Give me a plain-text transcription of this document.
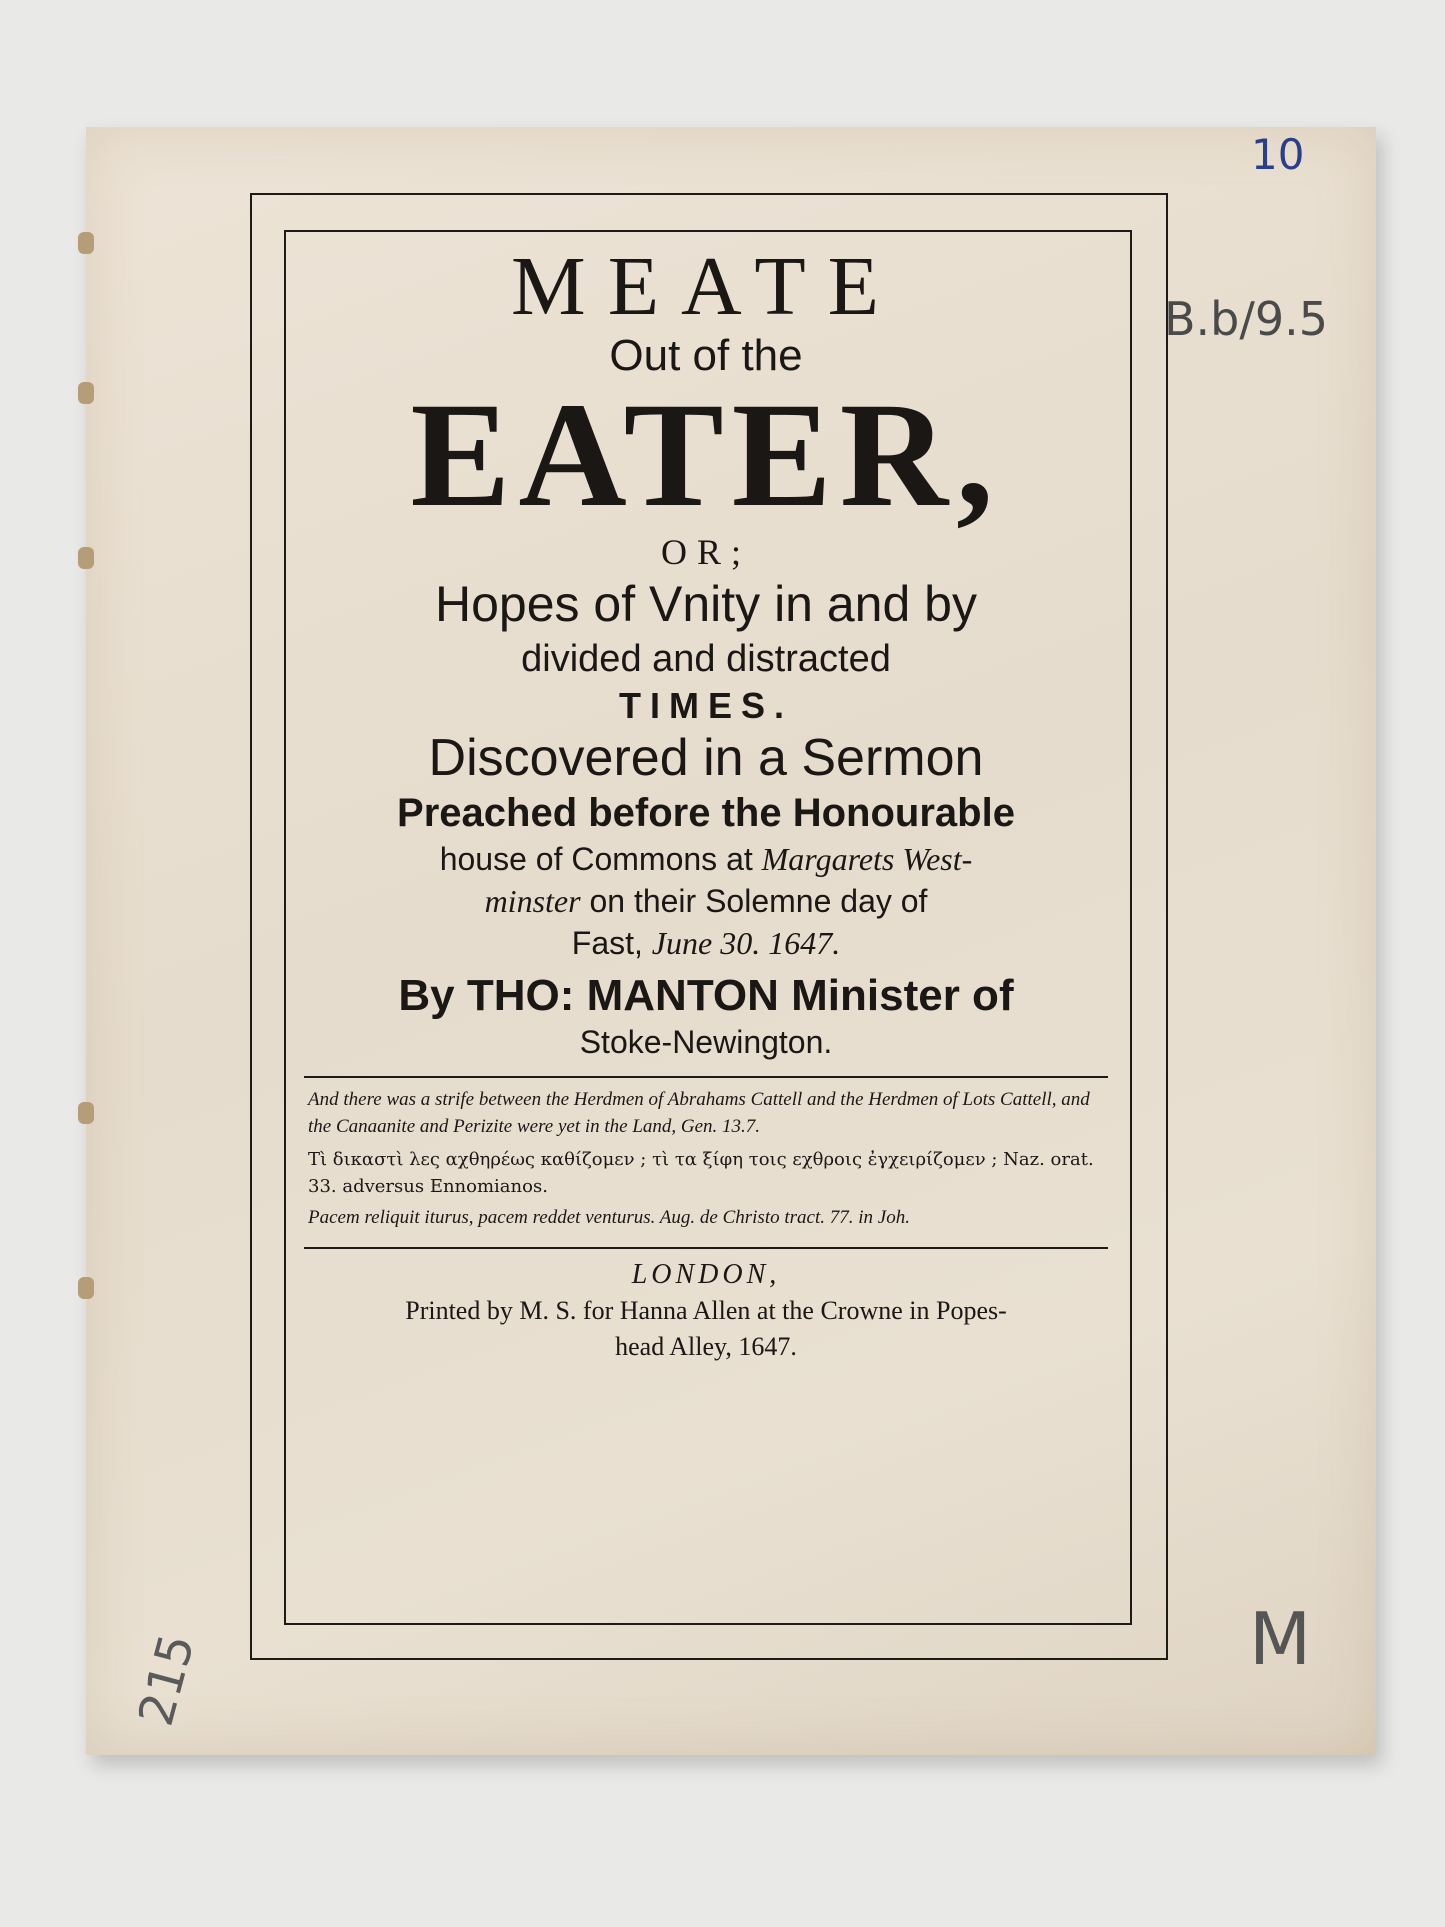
MEATE
Out of the
EATER,
OR;
Hopes of Vnity in and by
divided and distracted
TIMES.
Discovered in a Sermon
Preached before the Honourable
house of Commons at Margarets West-
minster on their Solemne day of
Fast, June 30. 1647.
By THO: MANTON Minister of
Stoke-Newington.
And there was a strife between the Herdmen of Abrahams Cattell and the Herdmen of Lots Cattell, and the Canaanite and Perizite were yet in the Land, Gen. 13.7.
Τὶ δικαστὶ λες αχθηρέως καθίζομεν ; τὶ τα ξίφη τοις εχθροις ἐγχειρίζομεν ; Naz. orat. 33. adversus Ennomianos.
Pacem reliquit iturus, pacem reddet venturus. Aug. de Christo tract. 77. in Joh.
LONDON,
Printed by M. S. for Hanna Allen at the Crowne in Popes-
head Alley, 1647.
10
B.b/9.5
215	M
